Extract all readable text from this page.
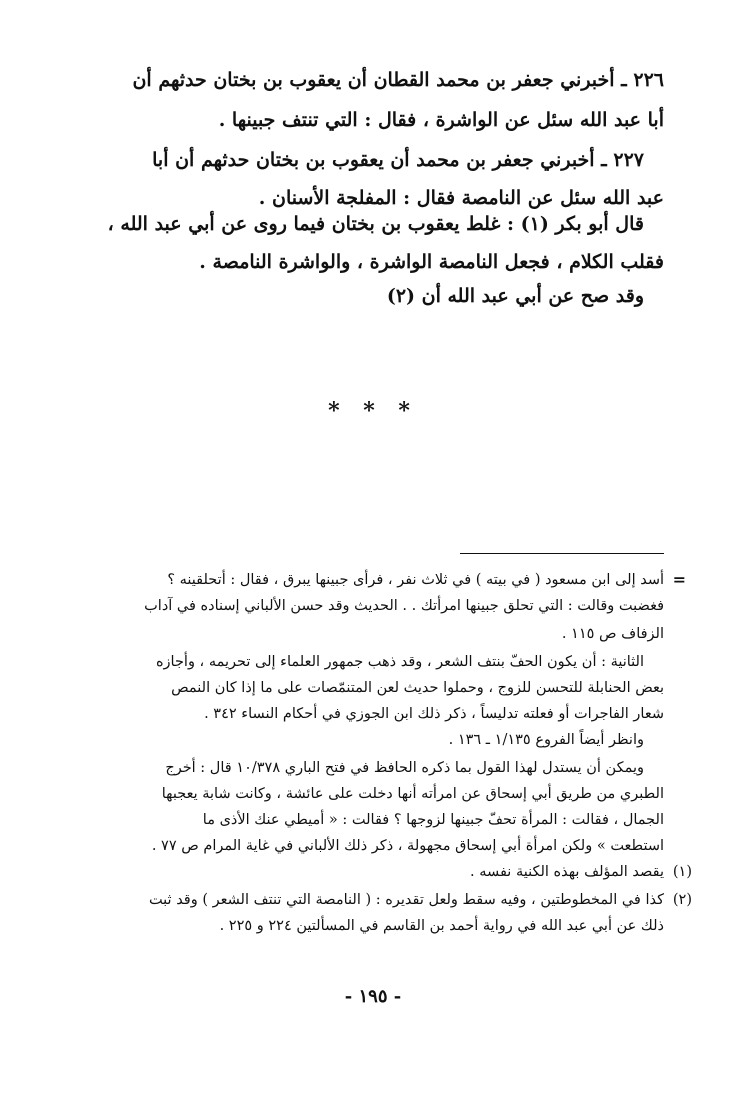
٢٢٦ ـ أخبرني جعفر بن محمد القطان أن يعقوب بن بختان حدثهم أن
أبا عبد الله سئل عن الواشرة ، فقال : التي تنتف جبينها .
٢٢٧ ـ أخبرني جعفر بن محمد أن يعقوب بن بختان حدثهم أن أبا
عبد الله سئل عن النامصة فقال : المفلجة الأسنان .
قال أبو بكر (١) : غلط يعقوب بن بختان فيما روى عن أبي عبد الله ،
فقلب الكلام ، فجعل النامصة الواشرة ، والواشرة النامصة .
وقد صح عن أبي عبد الله أن (٢)
* * *
=
أسد إلى ابن مسعود ( في بيته ) في ثلاث نفر ، فرأى جبينها يبرق ، فقال : أتحلقينه ؟
فغضبت وقالت : التي تحلق جبينها امرأتك . . الحديث وقد حسن الألباني إسناده في آداب
الزفاف ص ١١٥ .
الثانية : أن يكون الحفّ بنتف الشعر ، وقد ذهب جمهور العلماء إلى تحريمه ، وأجازه
بعض الحنابلة للتحسن للزوج ، وحملوا حديث لعن المتنمّصات على ما إذا كان النمص
شعار الفاجرات أو فعلته تدليساً ، ذكر ذلك ابن الجوزي في أحكام النساء ٣٤٢ .
وانظر أيضاً الفروع ١/١٣٥ ـ ١٣٦ .
ويمكن أن يستدل لهذا القول بما ذكره الحافظ في فتح الباري ١٠/٣٧٨ قال : أخرج
الطبري من طريق أبي إسحاق عن امرأته أنها دخلت على عائشة ، وكانت شابة يعجبها
الجمال ، فقالت : المرأة تحفّ جبينها لزوجها ؟ فقالت : « أميطي عنك الأذى ما
استطعت » ولكن امرأة أبي إسحاق مجهولة ، ذكر ذلك الألباني في غاية المرام ص ٧٧ .
(١)
يقصد المؤلف بهذه الكنية نفسه .
(٢)
كذا في المخطوطتين ، وفيه سقط ولعل تقديره : ( النامصة التي تنتف الشعر ) وقد ثبت
ذلك عن أبي عبد الله في رواية أحمد بن القاسم في المسألتين ٢٢٤ و ٢٢٥ .
- ١٩٥ -
